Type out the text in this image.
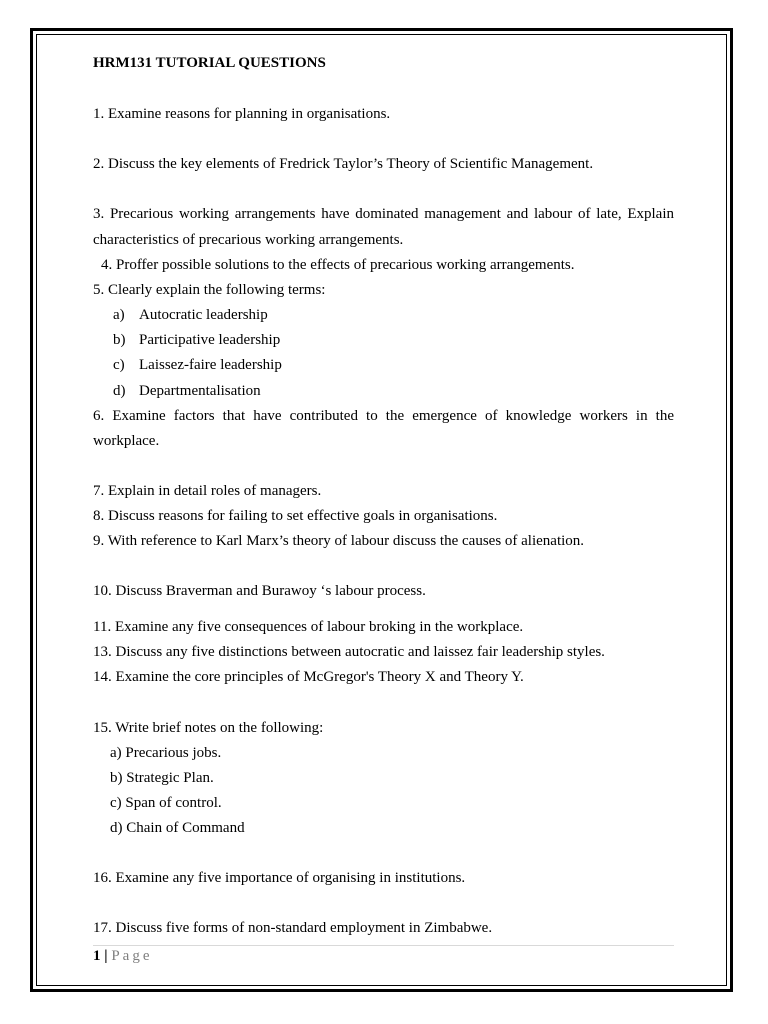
HRM131 TUTORIAL QUESTIONS
1. Examine reasons for planning in organisations.
2. Discuss the key elements of Fredrick Taylor’s Theory of Scientific Management.
3. Precarious working arrangements have dominated management and labour of late, Explain
characteristics of precarious working arrangements.
4. Proffer possible solutions to the effects of precarious working arrangements.
5. Clearly explain the following terms:
a) Autocratic leadership
b) Participative leadership
c) Laissez-faire leadership
d) Departmentalisation
6. Examine factors that have contributed to the emergence of knowledge workers in the
workplace.
7. Explain in detail roles of managers.
8. Discuss reasons for failing to set effective goals in organisations.
9. With reference to Karl Marx’s theory of labour discuss the causes of alienation.
10. Discuss Braverman and Burawoy ‘s labour process.
11. Examine any five consequences of labour broking in the workplace.
13. Discuss any five distinctions between autocratic and laissez fair leadership styles.
14. Examine the core principles of McGregor's Theory X and Theory Y.
15. Write brief notes on the following:
a) Precarious jobs.
b) Strategic Plan.
c) Span of control.
d) Chain of Command
16. Examine any five importance of organising in institutions.
17. Discuss five forms of non-standard employment in Zimbabwe.
1 | Page
